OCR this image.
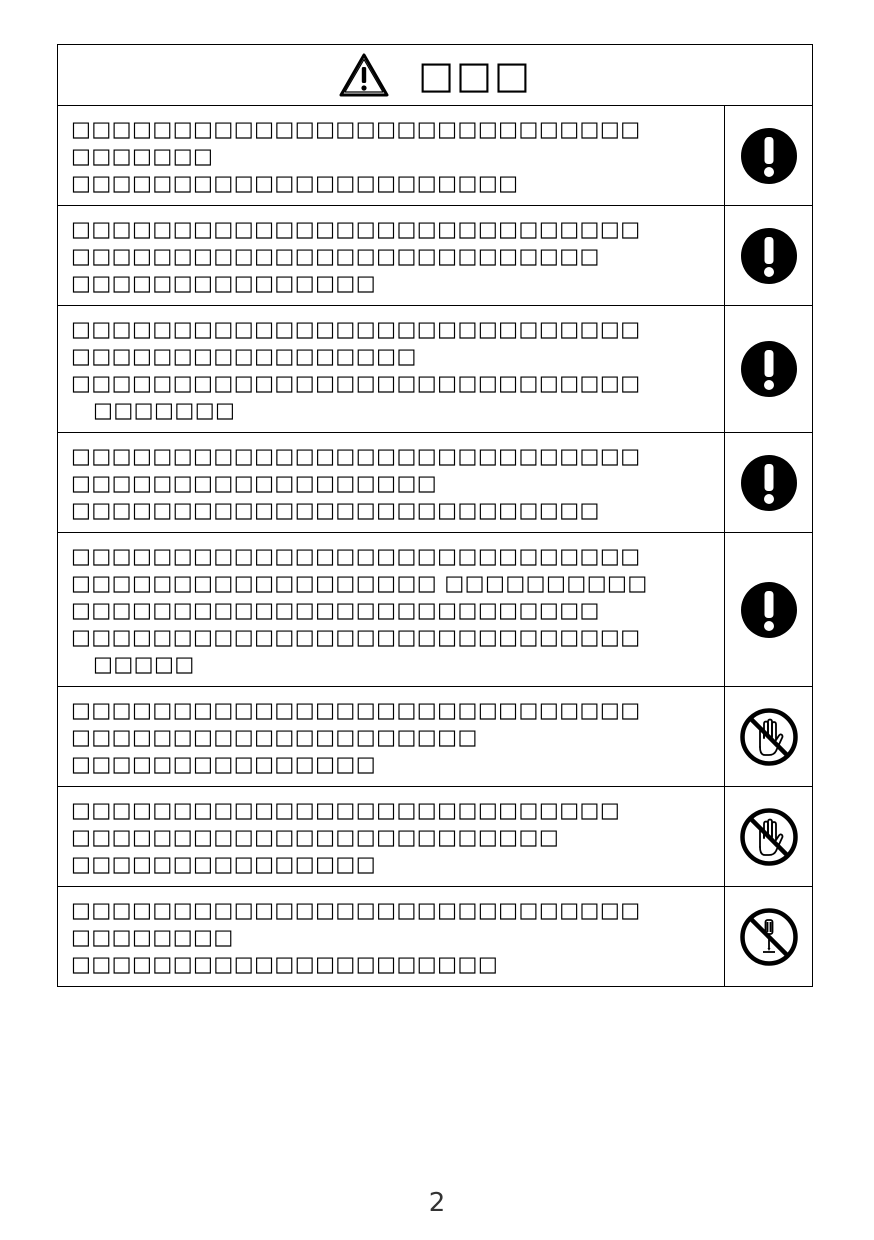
□□□
□□□□□□□□□□□□□□□□□□□□□□□□□□□□
□□□□□□□
□□□□□□□□□□□□□□□□□□□□□□
□□□□□□□□□□□□□□□□□□□□□□□□□□□□
□□□□□□□□□□□□□□□□□□□□□□□□□□
□□□□□□□□□□□□□□□
□□□□□□□□□□□□□□□□□□□□□□□□□□□□
□□□□□□□□□□□□□□□□□
□□□□□□□□□□□□□□□□□□□□□□□□□□□□
□□□□□□□
□□□□□□□□□□□□□□□□□□□□□□□□□□□□
□□□□□□□□□□□□□□□□□□
□□□□□□□□□□□□□□□□□□□□□□□□□□
□□□□□□□□□□□□□□□□□□□□□□□□□□□□
□□□□□□□□□□□□□□□□□□ □□□□□□□□□□
□□□□□□□□□□□□□□□□□□□□□□□□□□
□□□□□□□□□□□□□□□□□□□□□□□□□□□□
□□□□□
□□□□□□□□□□□□□□□□□□□□□□□□□□□□
□□□□□□□□□□□□□□□□□□□□
□□□□□□□□□□□□□□□
□□□□□□□□□□□□□□□□□□□□□□□□□□□
□□□□□□□□□□□□□□□□□□□□□□□□
□□□□□□□□□□□□□□□
□□□□□□□□□□□□□□□□□□□□□□□□□□□□
□□□□□□□□
□□□□□□□□□□□□□□□□□□□□□
2
